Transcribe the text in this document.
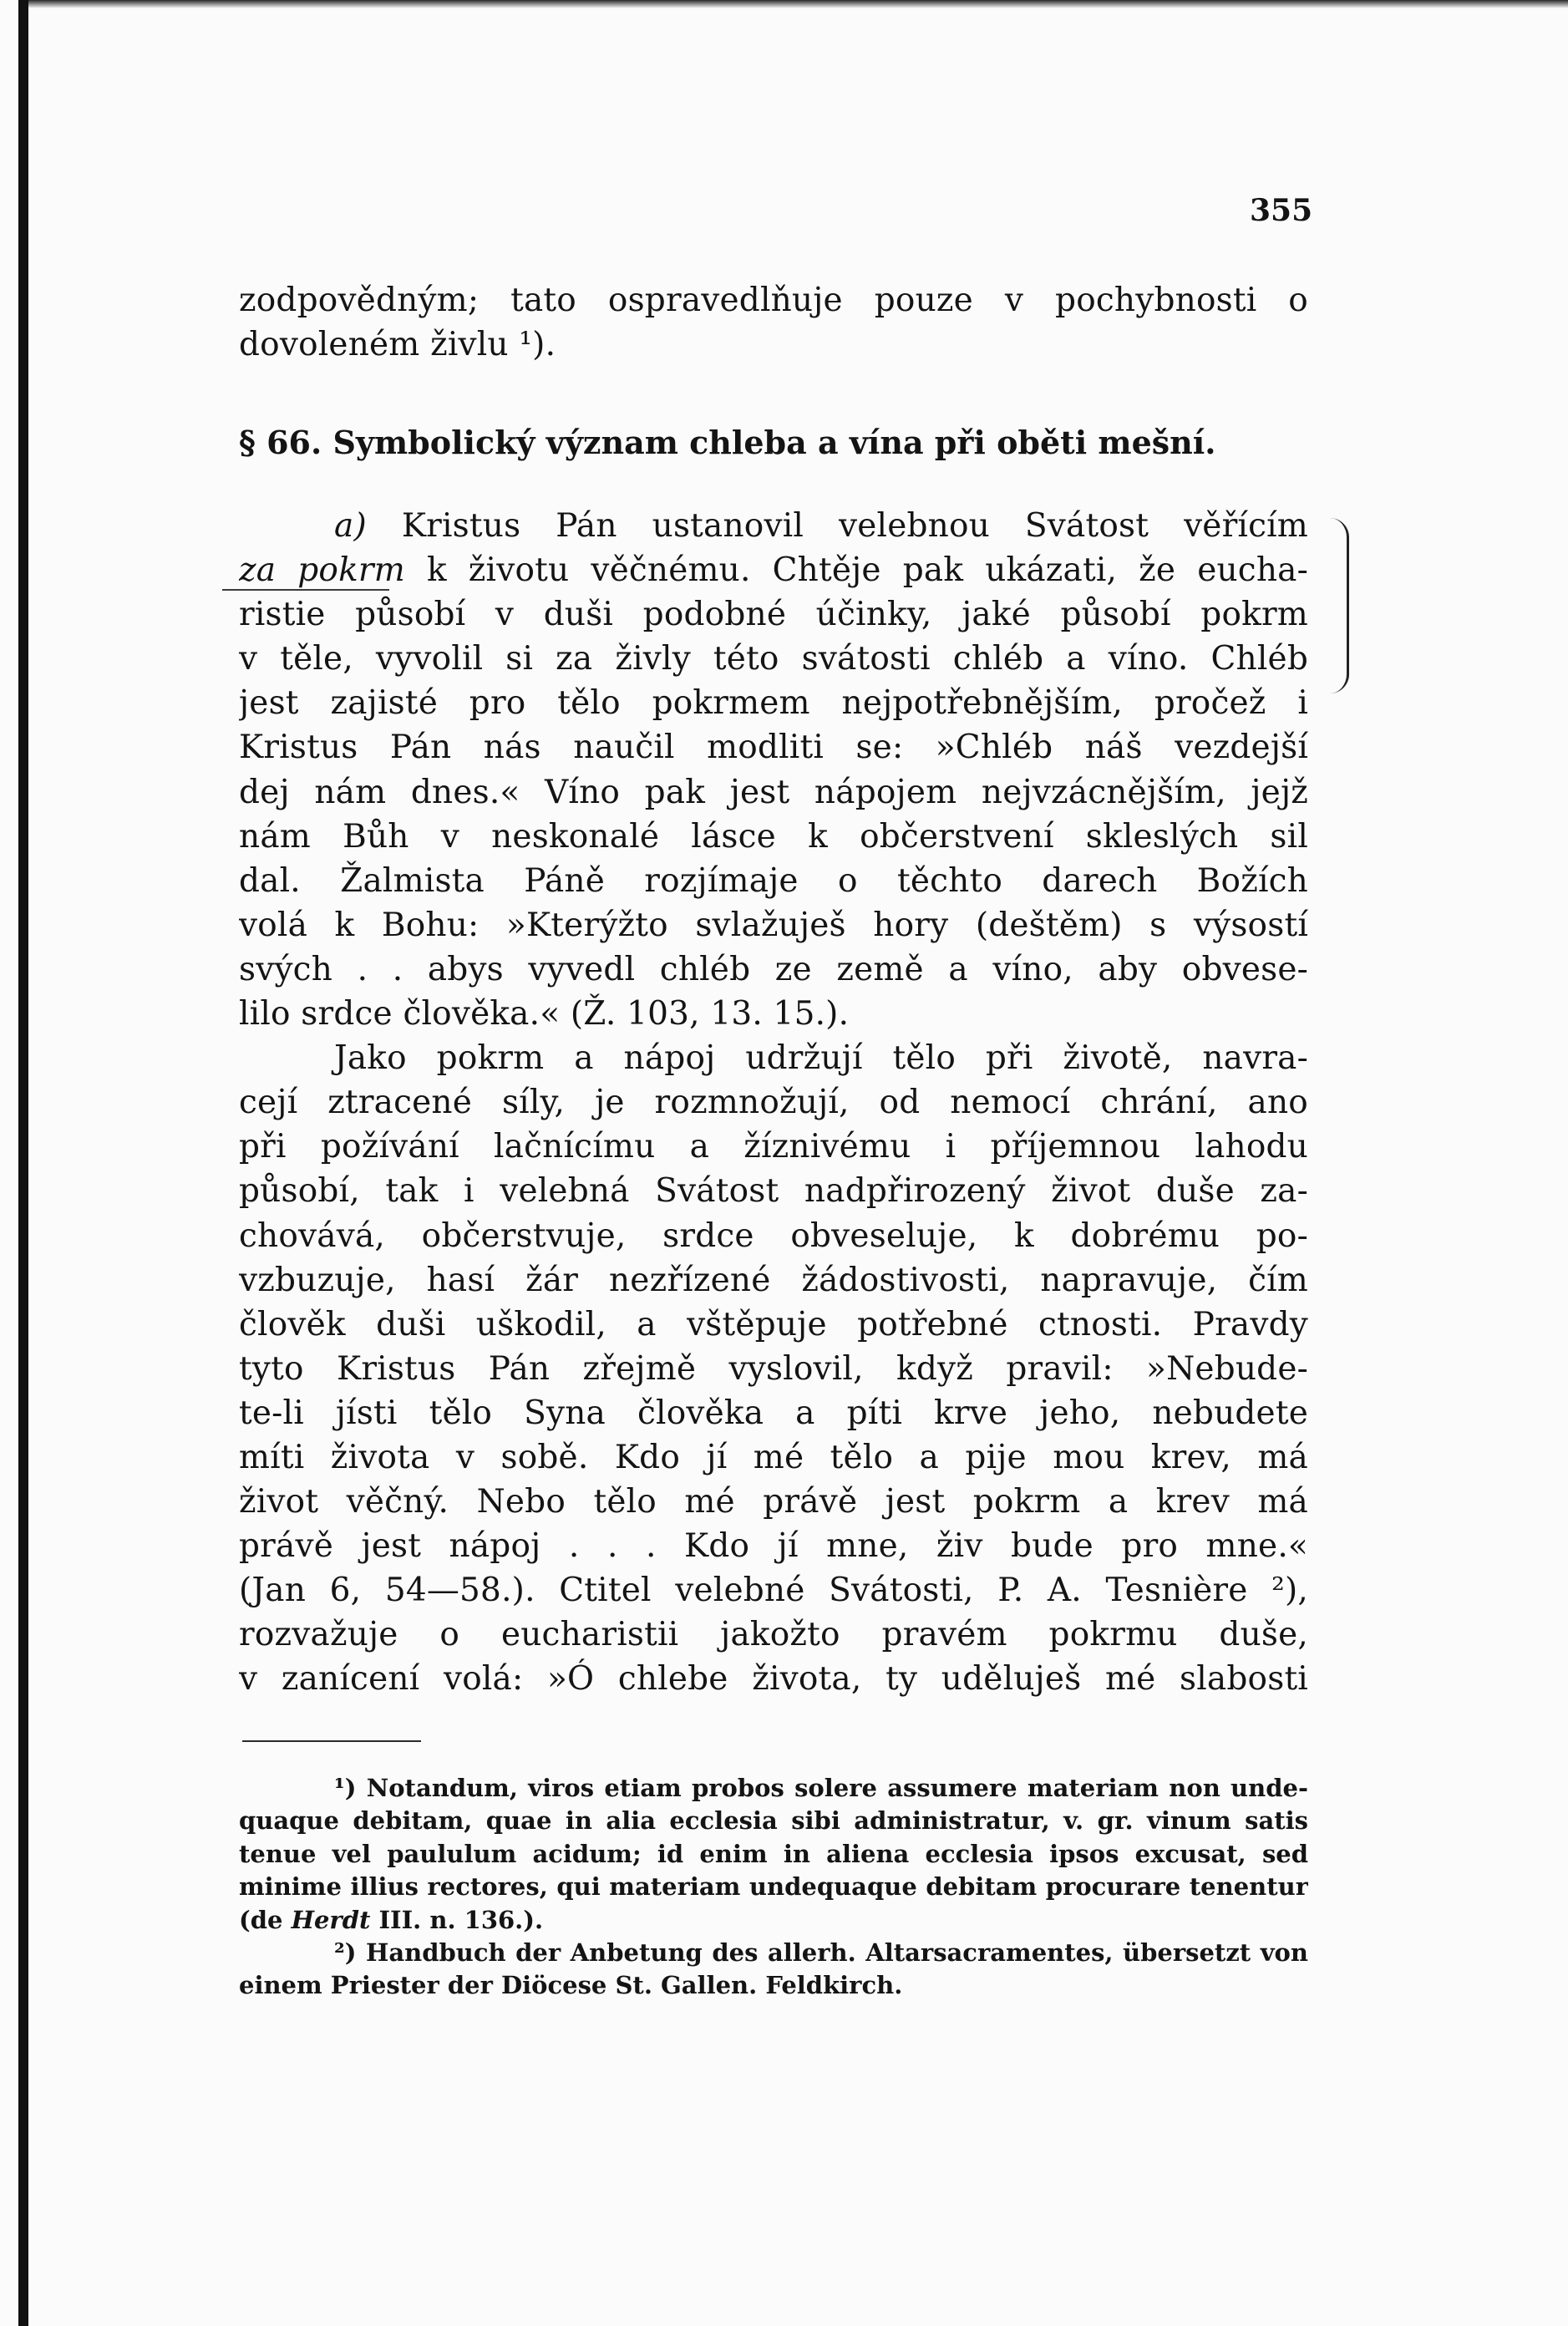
355
zodpovědným; tato ospravedlňuje pouze v pochybnosti o
dovoleném živlu ¹).
§ 66. Symbolický význam chleba a vína při oběti mešní.
a) Kristus Pán ustanovil velebnou Svátost věřícím
za pokrm k životu věčnému. Chtěje pak ukázati, že eucha-
ristie působí v duši podobné účinky, jaké působí pokrm
v těle, vyvolil si za živly této svátosti chléb a víno. Chléb
jest zajisté pro tělo pokrmem nejpotřebnějším, pročež i
Kristus Pán nás naučil modliti se: »Chléb náš vezdejší
dej nám dnes.« Víno pak jest nápojem nejvzácnějším, jejž
nám Bůh v neskonalé lásce k občerstvení skleslých sil
dal. Žalmista Páně rozjímaje o těchto darech Božích
volá k Bohu: »Kterýžto svlažuješ hory (deštěm) s výsostí
svých . . abys vyvedl chléb ze země a víno, aby obvese-
lilo srdce člověka.« (Ž. 103, 13. 15.).
Jako pokrm a nápoj udržují tělo při životě, navra-
cejí ztracené síly, je rozmnožují, od nemocí chrání, ano
při požívání lačnícímu a žíznivému i příjemnou lahodu
působí, tak i velebná Svátost nadpřirozený život duše za-
chovává, občerstvuje, srdce obveseluje, k dobrému po-
vzbuzuje, hasí žár nezřízené žádostivosti, napravuje, čím
člověk duši uškodil, a vštěpuje potřebné ctnosti. Pravdy
tyto Kristus Pán zřejmě vyslovil, když pravil: »Nebude-
te-li jísti tělo Syna člověka a píti krve jeho, nebudete
míti života v sobě. Kdo jí mé tělo a pije mou krev, má
život věčný. Nebo tělo mé právě jest pokrm a krev má
právě jest nápoj . . . Kdo jí mne, živ bude pro mne.«
(Jan 6, 54—58.). Ctitel velebné Svátosti, P. A. Tesnière ²),
rozvažuje o eucharistii jakožto pravém pokrmu duše,
v zanícení volá: »Ó chlebe života, ty uděluješ mé slabosti
¹) Notandum, viros etiam probos solere assumere materiam non unde-
quaque debitam, quae in alia ecclesia sibi administratur, v. gr. vinum satis
tenue vel paululum acidum; id enim in aliena ecclesia ipsos excusat, sed
minime illius rectores, qui materiam undequaque debitam procurare tenentur
(de Herdt III. n. 136.).
²) Handbuch der Anbetung des allerh. Altarsacramentes, übersetzt von
einem Priester der Diöcese St. Gallen. Feldkirch.
